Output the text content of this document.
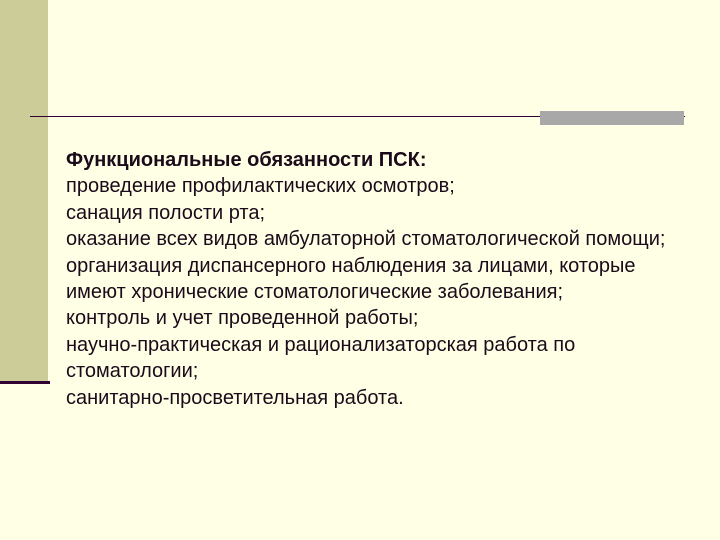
Функциональные обязанности ПСК:
проведение профилактических осмотров;
санация полости рта;
оказание всех видов амбулаторной стоматологической помощи;
организация диспансерного наблюдения за лицами, которые имеют хронические стоматологические заболевания;
контроль и учет проведенной работы;
научно-практическая и рационализаторская работа по стоматологии;
санитарно-просветительная работа.
